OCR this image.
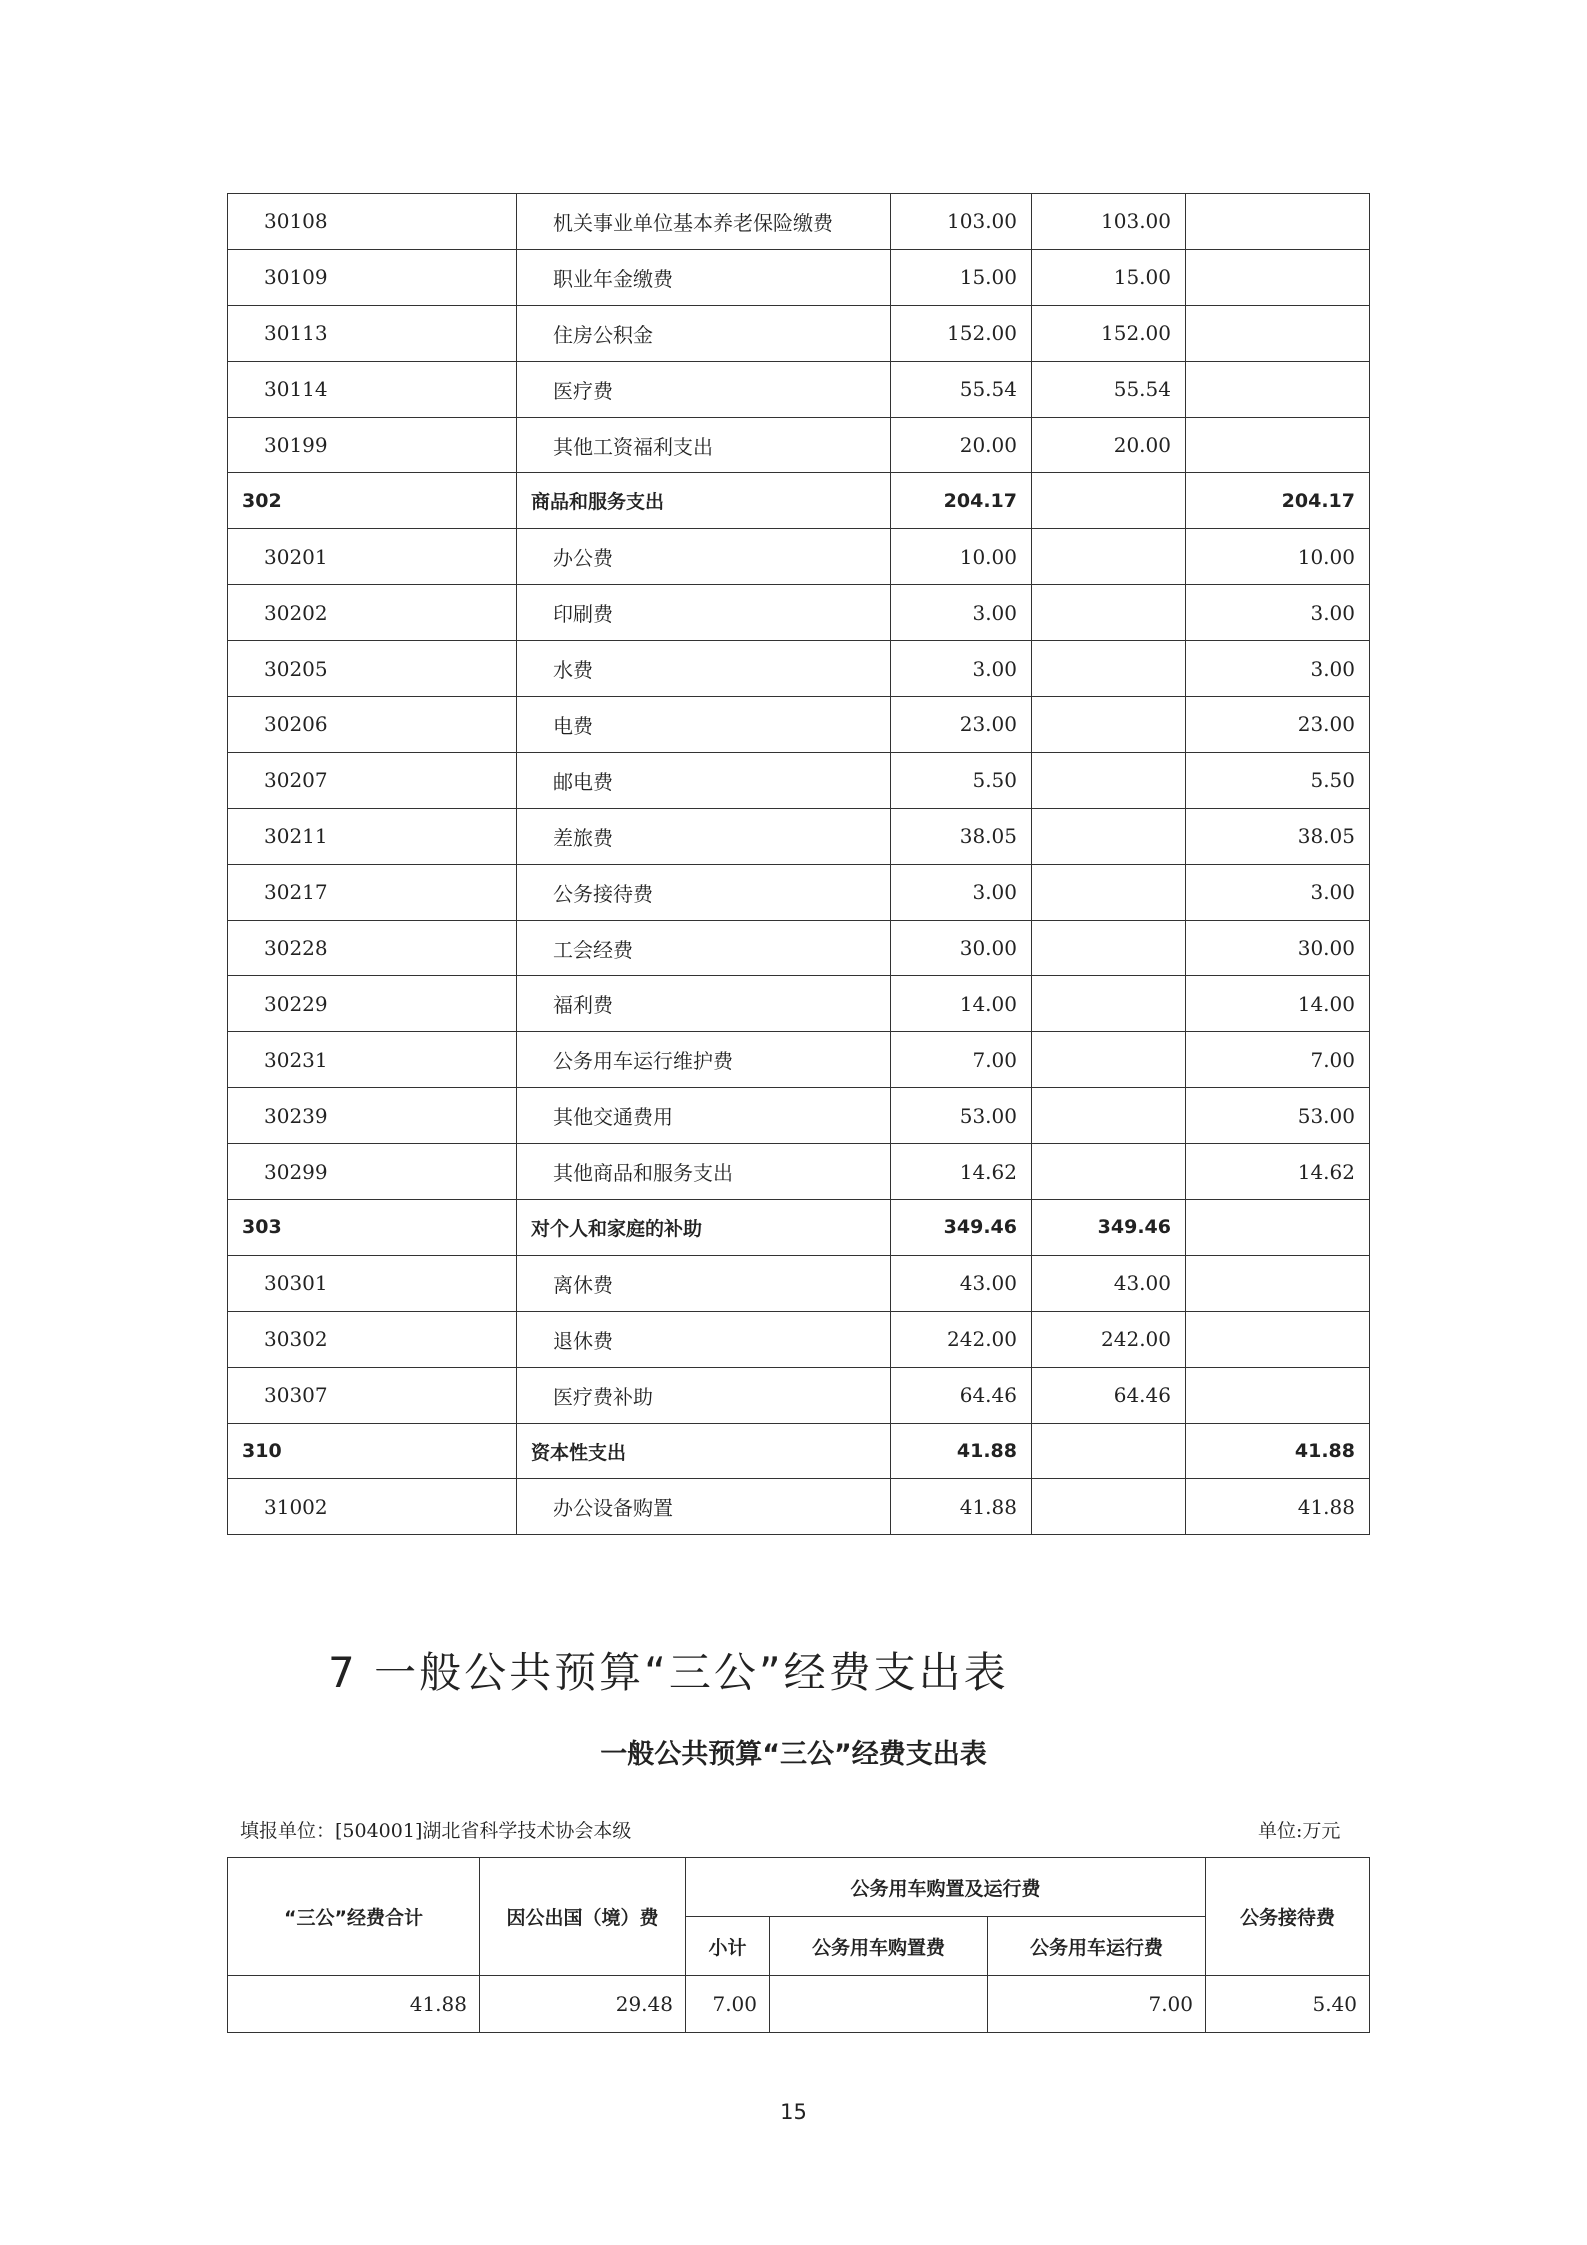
30108	机关事业单位基本养老保险缴费	103.00	103.00	
30109	职业年金缴费	15.00	15.00	
30113	住房公积金	152.00	152.00	
30114	医疗费	55.54	55.54	
30199	其他工资福利支出	20.00	20.00	
302	商品和服务支出	204.17		204.17
30201	办公费	10.00		10.00
30202	印刷费	3.00		3.00
30205	水费	3.00		3.00
30206	电费	23.00		23.00
30207	邮电费	5.50		5.50
30211	差旅费	38.05		38.05
30217	公务接待费	3.00		3.00
30228	工会经费	30.00		30.00
30229	福利费	14.00		14.00
30231	公务用车运行维护费	7.00		7.00
30239	其他交通费用	53.00		53.00
30299	其他商品和服务支出	14.62		14.62
303	对个人和家庭的补助	349.46	349.46	
30301	离休费	43.00	43.00	
30302	退休费	242.00	242.00	
30307	医疗费补助	64.46	64.46	
310	资本性支出	41.88		41.88
31002	办公设备购置	41.88		41.88
7 一般公共预算“三公”经费支出表
一般公共预算“三公”经费支出表
填报单位：[504001]湖北省科学技术协会本级	单位:万元
“三公”经费合计	因公出国（境）费	公务用车购置及运行费			公务接待费
		小计	公务用车购置费	公务用车运行费	
41.88	29.48	7.00		7.00	5.40
15
